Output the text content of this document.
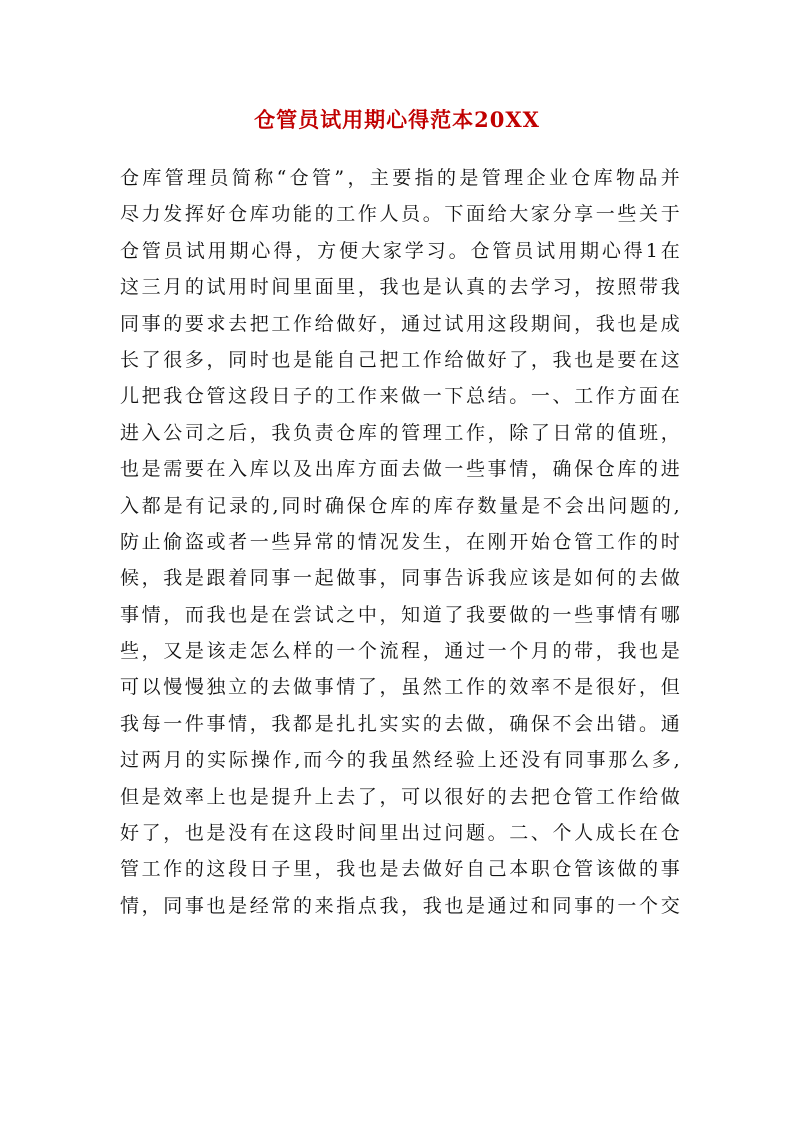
仓管员试用期心得范本20XX
仓库管理员简称“仓管”，主要指的是管理企业仓库物品并
尽力发挥好仓库功能的工作人员。下面给大家分享一些关于
仓管员试用期心得，方便大家学习。仓管员试用期心得1在
这三月的试用时间里面里，我也是认真的去学习，按照带我
同事的要求去把工作给做好，通过试用这段期间，我也是成
长了很多，同时也是能自己把工作给做好了，我也是要在这
儿把我仓管这段日子的工作来做一下总结。一、工作方面在
进入公司之后，我负责仓库的管理工作，除了日常的值班，
也是需要在入库以及出库方面去做一些事情，确保仓库的进
入都是有记录的,同时确保仓库的库存数量是不会出问题的,
防止偷盗或者一些异常的情况发生，在刚开始仓管工作的时
候，我是跟着同事一起做事，同事告诉我应该是如何的去做
事情，而我也是在尝试之中，知道了我要做的一些事情有哪
些，又是该走怎么样的一个流程，通过一个月的带，我也是
可以慢慢独立的去做事情了，虽然工作的效率不是很好，但
我每一件事情，我都是扎扎实实的去做，确保不会出错。通
过两月的实际操作,而今的我虽然经验上还没有同事那么多,
但是效率上也是提升上去了，可以很好的去把仓管工作给做
好了，也是没有在这段时间里出过问题。二、个人成长在仓
管工作的这段日子里，我也是去做好自己本职仓管该做的事
情，同事也是经常的来指点我，我也是通过和同事的一个交
